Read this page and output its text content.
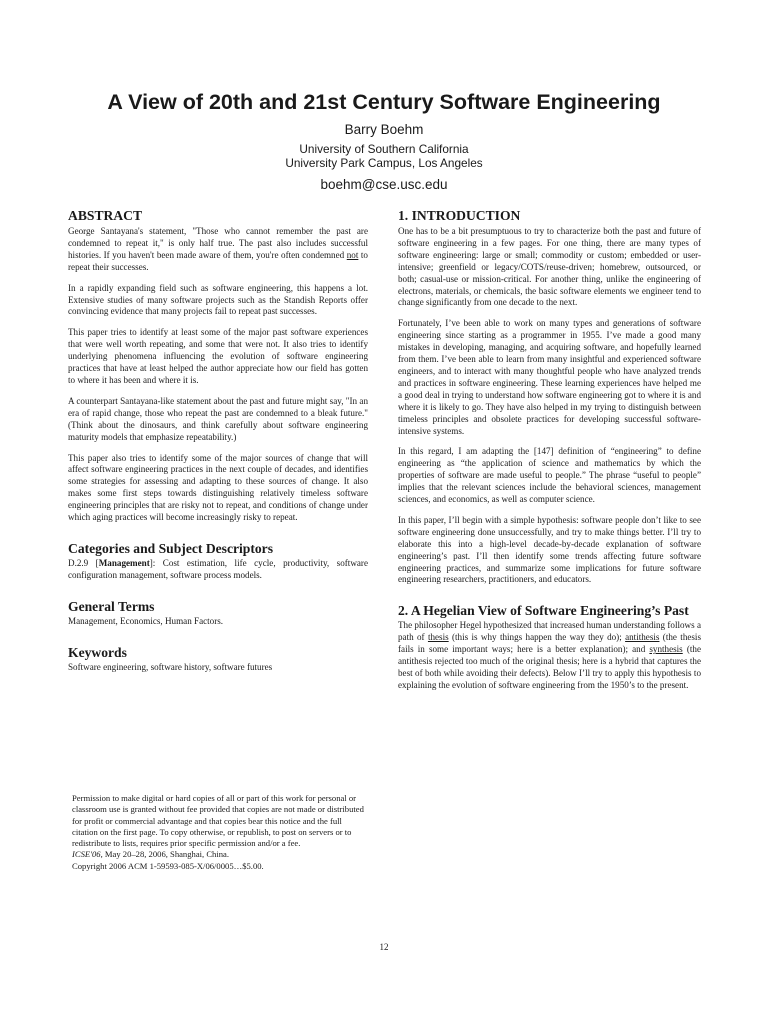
A View of 20th and 21st Century Software Engineering
Barry Boehm
University of Southern California
University Park Campus, Los Angeles
boehm@cse.usc.edu
ABSTRACT

George Santayana's statement, "Those who cannot remember the past are condemned to repeat it," is only half true. The past also includes successful histories. If you haven't been made aware of them, you're often condemned not to repeat their successes.

In a rapidly expanding field such as software engineering, this happens a lot. Extensive studies of many software projects such as the Standish Reports offer convincing evidence that many projects fail to repeat past successes.

This paper tries to identify at least some of the major past software experiences that were well worth repeating, and some that were not. It also tries to identify underlying phenomena influencing the evolution of software engineering practices that have at least helped the author appreciate how our field has gotten to where it has been and where it is.

A counterpart Santayana-like statement about the past and future might say, "In an era of rapid change, those who repeat the past are condemned to a bleak future." (Think about the dinosaurs, and think carefully about software engineering maturity models that emphasize repeatability.)

This paper also tries to identify some of the major sources of change that will affect software engineering practices in the next couple of decades, and identifies some strategies for assessing and adapting to these sources of change. It also makes some first steps towards distinguishing relatively timeless software engineering principles that are risky not to repeat, and conditions of change under which aging practices will become increasingly risky to repeat.

Categories and Subject Descriptors

D.2.9 [Management]: Cost estimation, life cycle, productivity, software configuration management, software process models.

General Terms

Management, Economics, Human Factors.

Keywords

Software engineering, software history, software futures

Permission to make digital or hard copies of all or part of this work for personal or classroom use is granted without fee provided that copies are not made or distributed for profit or commercial advantage and that copies bear this notice and the full citation on the first page. To copy otherwise, or republish, to post on servers or to redistribute to lists, requires prior specific permission and/or a fee.

ICSE'06, May 20–28, 2006, Shanghai, China.

Copyright 2006 ACM 1-59593-085-X/06/0005…$5.00.

1. INTRODUCTION

One has to be a bit presumptuous to try to characterize both the past and future of software engineering in a few pages. For one thing, there are many types of software engineering: large or small; commodity or custom; embedded or user-intensive; greenfield or legacy/COTS/reuse-driven; homebrew, outsourced, or both; casual-use or mission-critical. For another thing, unlike the engineering of electrons, materials, or chemicals, the basic software elements we engineer tend to change significantly from one decade to the next.

Fortunately, I’ve been able to work on many types and generations of software engineering since starting as a programmer in 1955. I’ve made a good many mistakes in developing, managing, and acquiring software, and hopefully learned from them. I’ve been able to learn from many insightful and experienced software engineers, and to interact with many thoughtful people who have analyzed trends and practices in software engineering. These learning experiences have helped me a good deal in trying to understand how software engineering got to where it is and where it is likely to go. They have also helped in my trying to distinguish between timeless principles and obsolete practices for developing successful software-intensive systems.

In this regard, I am adapting the [147] definition of “engineering” to define engineering as “the application of science and mathematics by which the properties of software are made useful to people.” The phrase “useful to people” implies that the relevant sciences include the behavioral sciences, management sciences, and economics, as well as computer science.

In this paper, I’ll begin with a simple hypothesis: software people don’t like to see software engineering done unsuccessfully, and try to make things better. I’ll try to elaborate this into a high-level decade-by-decade explanation of software engineering’s past. I’ll then identify some trends affecting future software engineering practices, and summarize some implications for future software engineering researchers, practitioners, and educators.

2. A Hegelian View of Software Engineering’s Past

The philosopher Hegel hypothesized that increased human understanding follows a path of thesis (this is why things happen the way they do); antithesis (the thesis fails in some important ways; here is a better explanation); and synthesis (the antithesis rejected too much of the original thesis; here is a hybrid that captures the best of both while avoiding their defects). Below I’ll try to apply this hypothesis to explaining the evolution of software engineering from the 1950’s to the present.

12
